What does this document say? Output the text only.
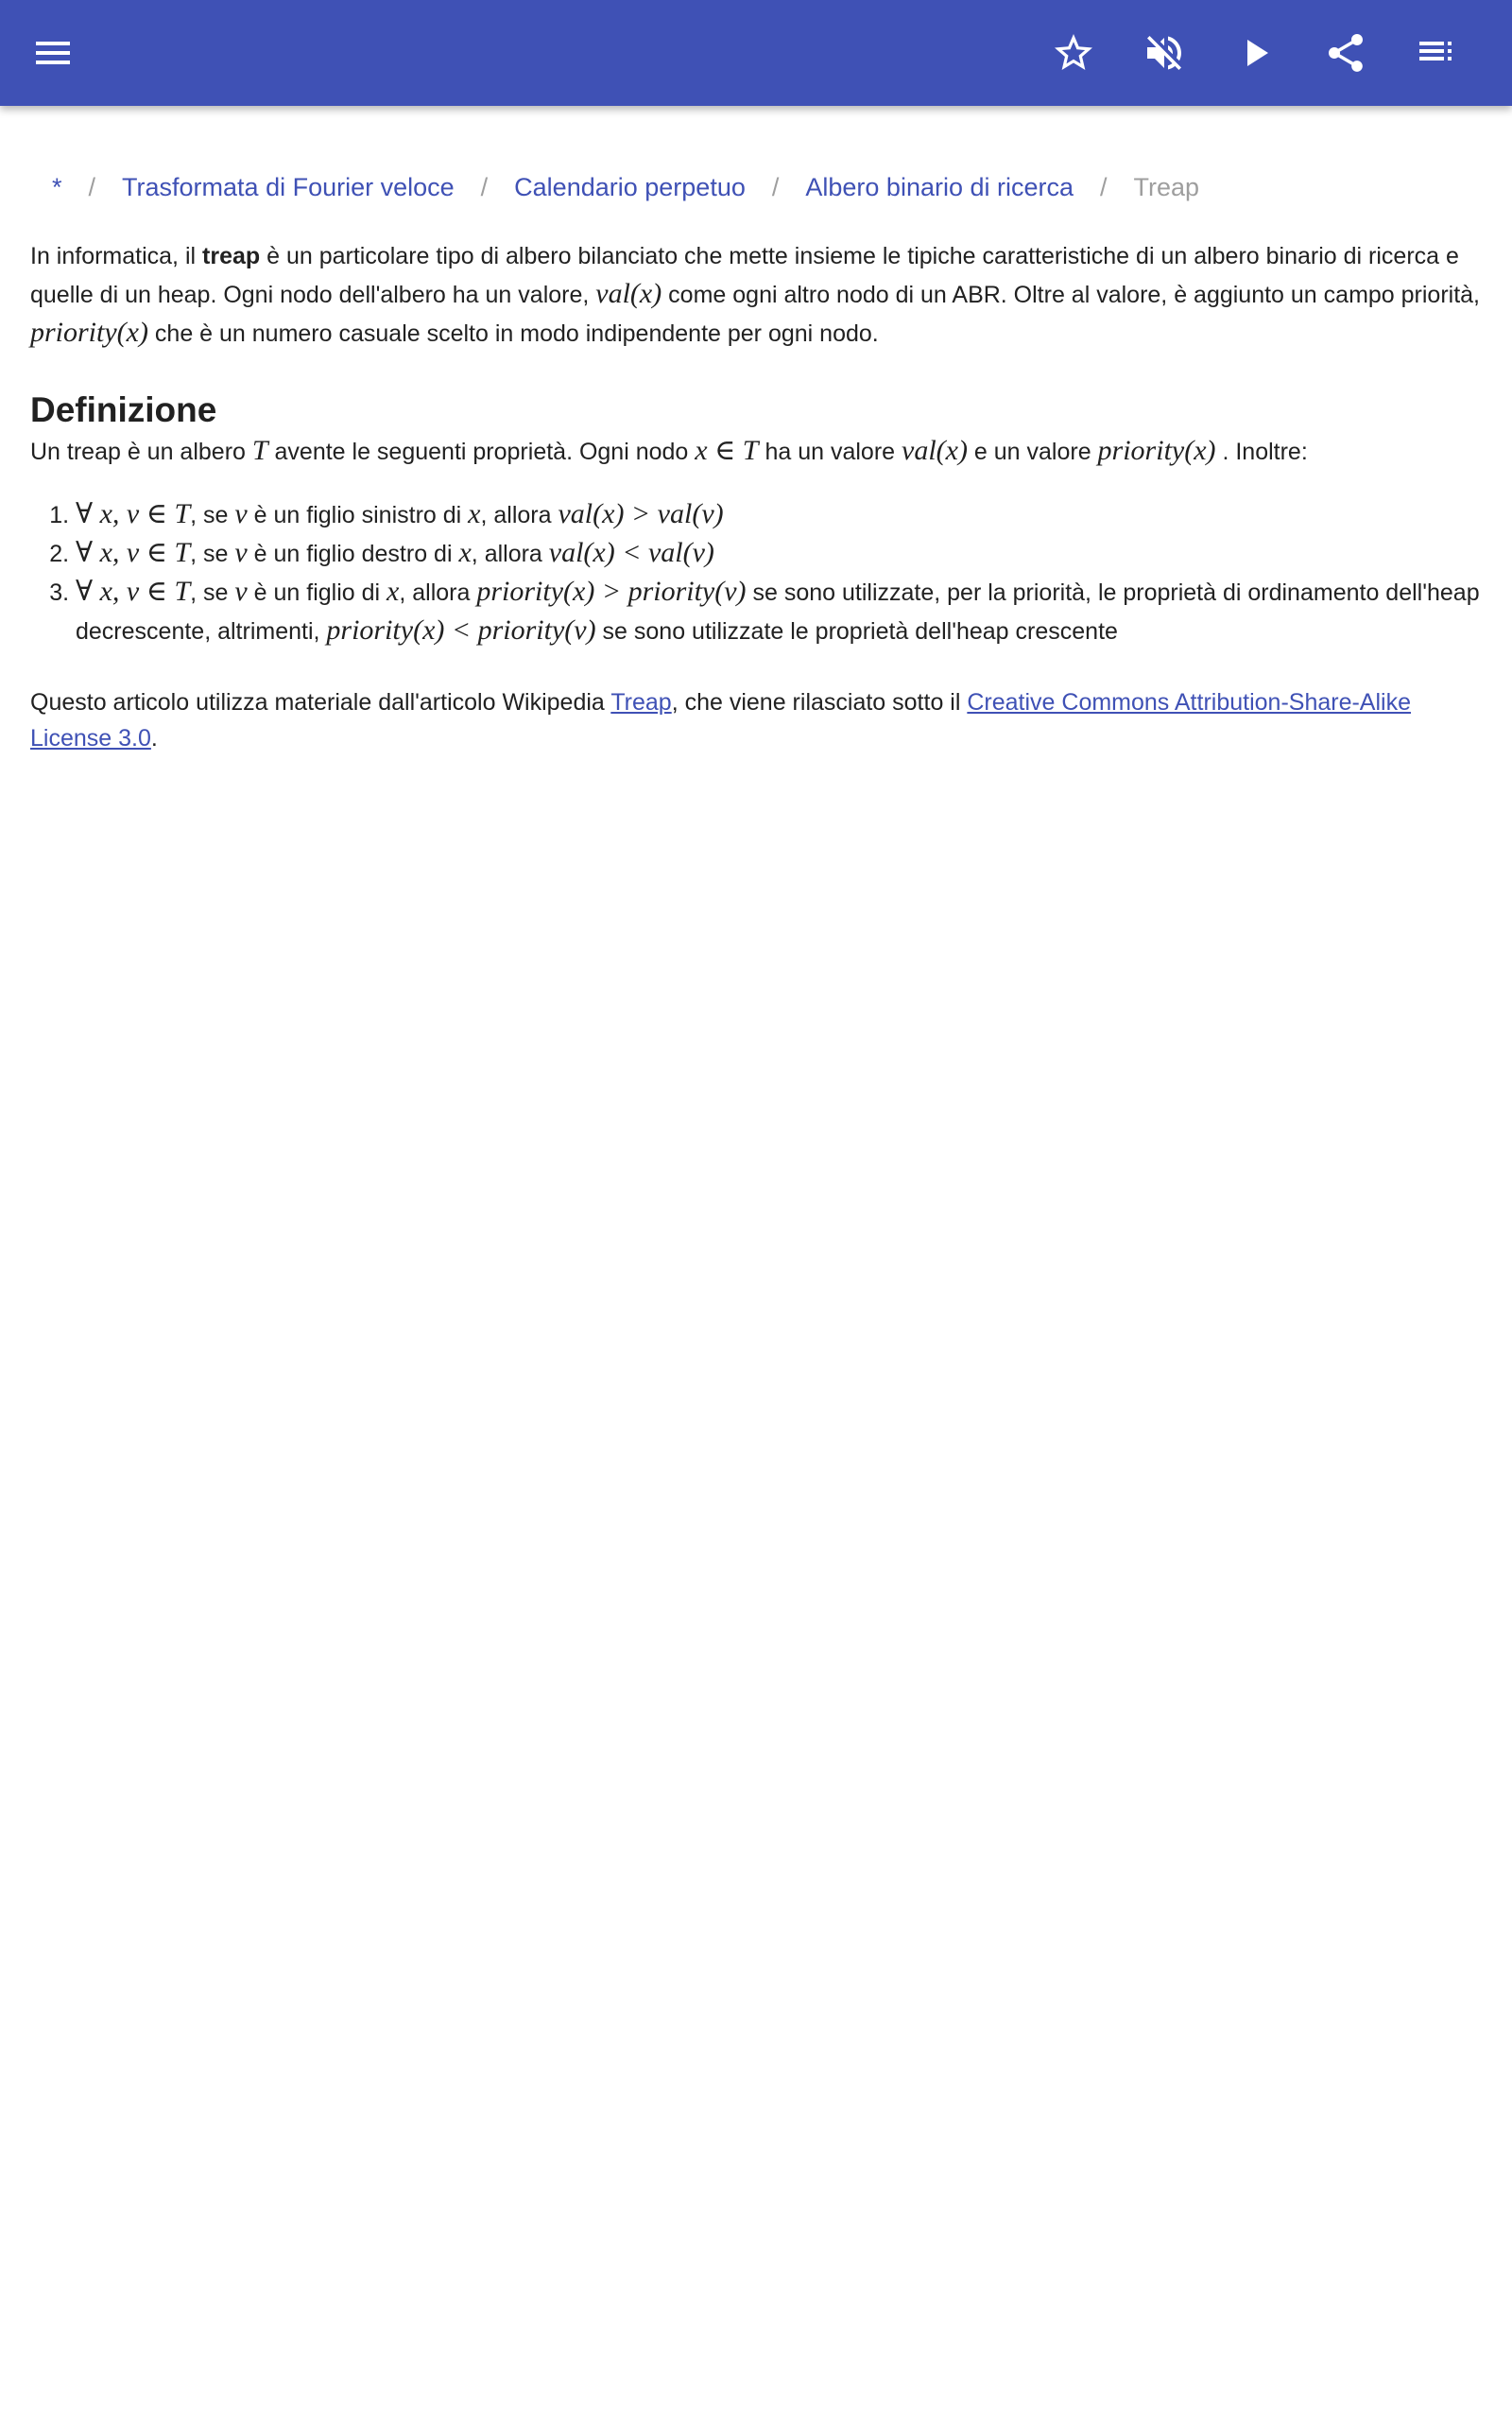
*	/	Trasformata di Fourier veloce	/	Calendario perpetuo	/	Albero binario di ricerca	/	Treap

In informatica, il treap è un particolare tipo di albero bilanciato che mette insieme le tipiche caratteristiche di un albero binario di ricerca e quelle di un heap. Ogni nodo dell'albero ha un valore, val(x) come ogni altro nodo di un ABR. Oltre al valore, è aggiunto un campo priorità, priority(x) che è un numero casuale scelto in modo indipendente per ogni nodo.

Definizione

Un treap è un albero T avente le seguenti proprietà. Ogni nodo x ∈ T ha un valore val(x) e un valore priority(x) . Inoltre:

1. ∀ x, v ∈ T, se v è un figlio sinistro di x, allora val(x) > val(v)
2. ∀ x, v ∈ T, se v è un figlio destro di x, allora val(x) < val(v)
3. ∀ x, v ∈ T, se v è un figlio di x, allora priority(x) > priority(v) se sono utilizzate, per la priorità, le proprietà di ordinamento dell'heap decrescente, altrimenti, priority(x) < priority(v) se sono utilizzate le proprietà dell'heap crescente

Questo articolo utilizza materiale dall'articolo Wikipedia Treap, che viene rilasciato sotto il Creative Commons Attribution-Share-Alike License 3.0.
